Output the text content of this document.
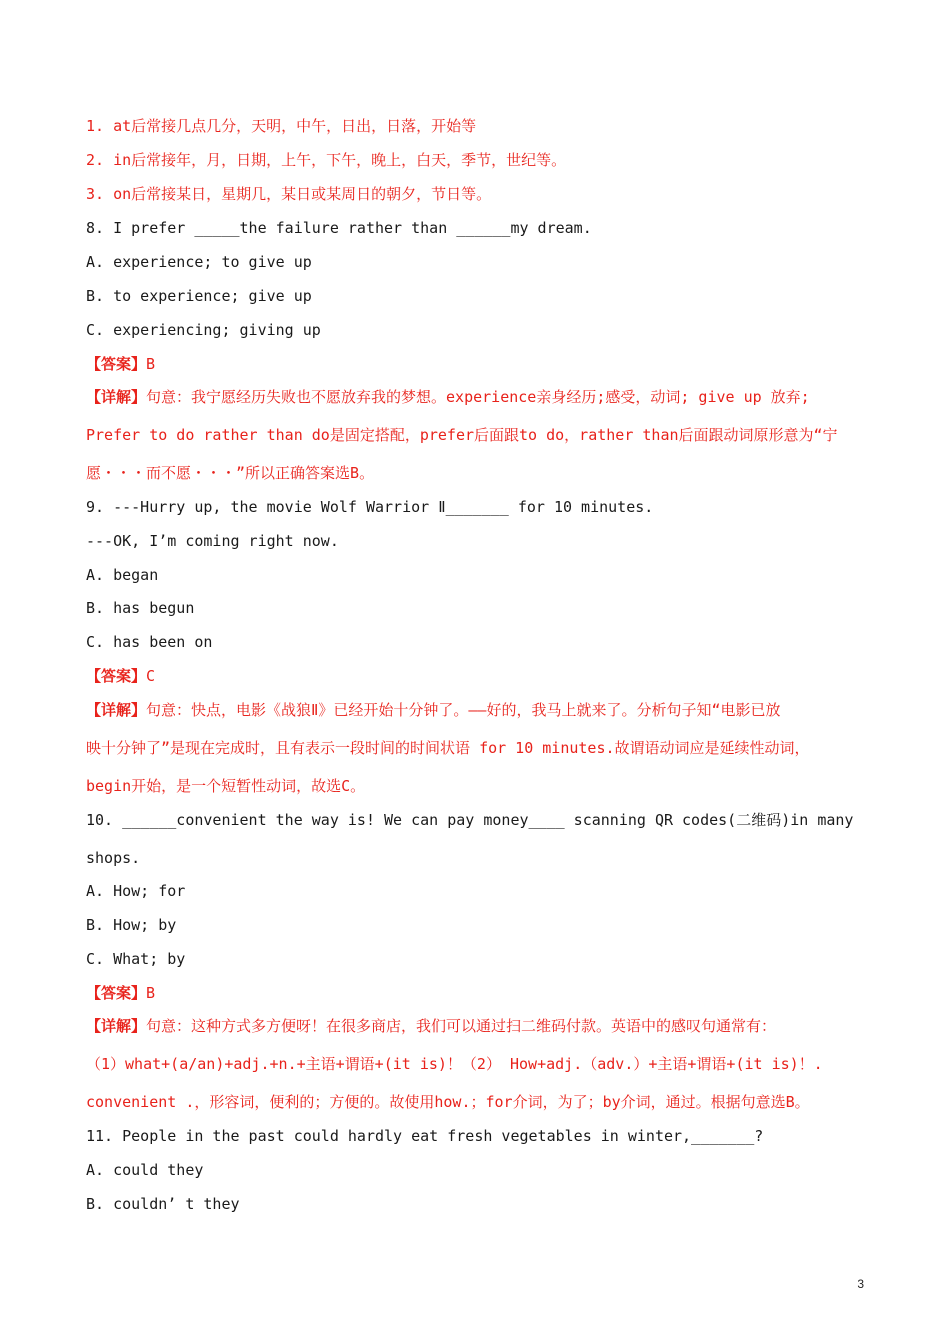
1. at后常接几点几分，天明，中午，日出，日落，开始等
2. in后常接年，月，日期，上午，下午，晚上，白天，季节，世纪等。
3. on后常接某日，星期几，某日或某周日的朝夕，节日等。
8. I prefer _____the failure rather than ______my dream.
A. experience; to give up
B. to experience; give up
C. experiencing; giving up
【答案】B
【详解】句意：我宁愿经历失败也不愿放弃我的梦想。experience亲身经历;感受，动词; give up 放弃;
Prefer to do rather than do是固定搭配，prefer后面跟to do，rather than后面跟动词原形意为“宁
愿・・・而不愿・・・”所以正确答案选B。
9. ---Hurry up, the movie Wolf Warrior Ⅱ_______ for 10 minutes.
---OK, I’m coming right now.
A. began
B. has begun
C. has been on
【答案】C
【详解】句意：快点，电影《战狼Ⅱ》已经开始十分钟了。——好的，我马上就来了。分析句子知“电影已放
映十分钟了”是现在完成时，且有表示一段时间的时间状语 for 10 minutes.故谓语动词应是延续性动词，
begin开始，是一个短暂性动词，故选C。
10. ______convenient the way is! We can pay money____ scanning QR codes(二维码)in many
shops.
A. How; for
B. How; by
C. What; by
【答案】B
【详解】句意：这种方式多方便呀！在很多商店，我们可以通过扫二维码付款。英语中的感叹句通常有：
（1）what+(a/an)+adj.+n.+主语+谓语+(it is)！（2） How+adj.（adv.）+主语+谓语+(it is)！.
convenient .，形容词，便利的；方便的。故使用how.；for介词，为了；by介词，通过。根据句意选B。
11. People in the past could hardly eat fresh vegetables in winter,_______?
A. could they
B. couldn’ t they
3
